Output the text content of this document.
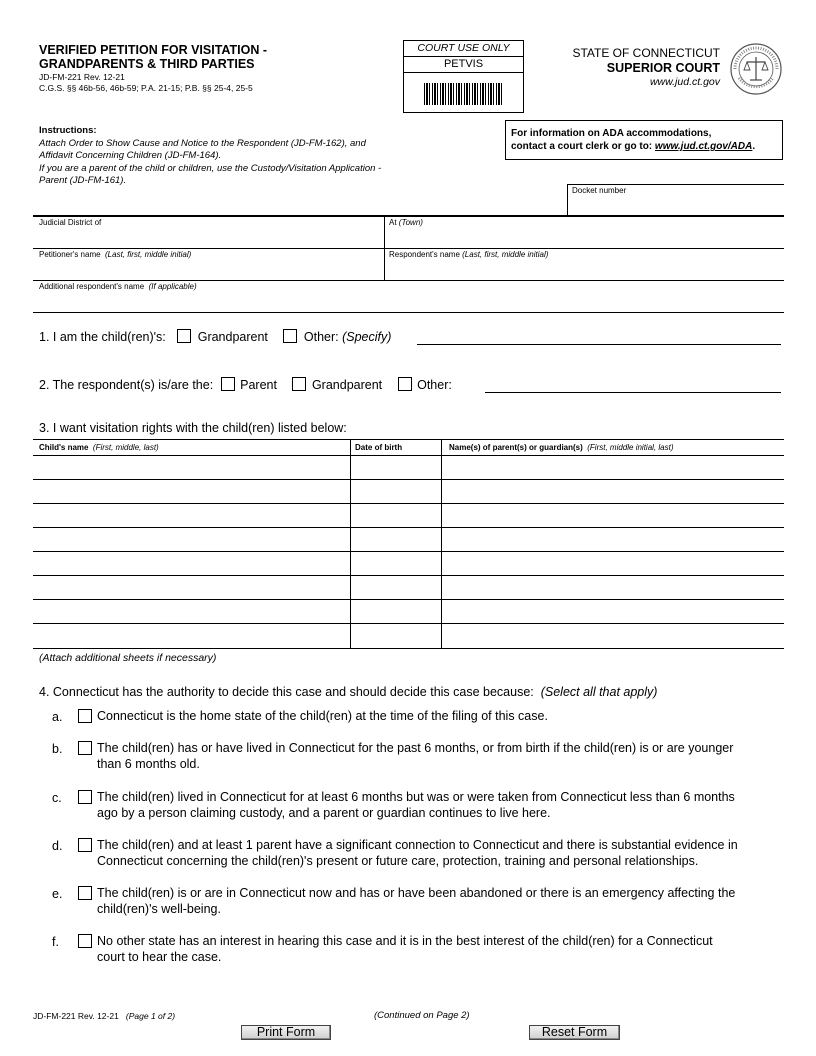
VERIFIED PETITION FOR VISITATION -
GRANDPARENTS & THIRD PARTIES
JD-FM-221 Rev. 12-21
C.G.S. §§ 46b-56, 46b-59; P.A. 21-15; P.B. §§ 25-4, 25-5
COURT USE ONLY
PETVIS
STATE OF CONNECTICUT
SUPERIOR COURT
www.jud.ct.gov
Instructions:
Attach Order to Show Cause and Notice to the Respondent (JD-FM-162), and
Affidavit Concerning Children (JD-FM-164).
If you are a parent of the child or children, use the Custody/Visitation Application -
Parent (JD-FM-161).
For information on ADA accommodations,
contact a court clerk or go to: www.jud.ct.gov/ADA.
Docket number
Judicial District of	At (Town)
Petitioner's name (Last, first, middle initial)	Respondent's name (Last, first, middle initial)
Additional respondent's name (If applicable)
1. I am the child(ren)'s:	Grandparent	Other: (Specify)
2. The respondent(s) is/are the: Parent	Grandparent	Other:
3. I want visitation rights with the child(ren) listed below:
Child's name (First, middle, last)	Date of birth	Name(s) of parent(s) or guardian(s) (First, middle initial, last)
(Attach additional sheets if necessary)
4. Connecticut has the authority to decide this case and should decide this case because: (Select all that apply)
a.	Connecticut is the home state of the child(ren) at the time of the filing of this case.
b.	The child(ren) has or have lived in Connecticut for the past 6 months, or from birth if the child(ren) is or are younger
than 6 months old.
c.	The child(ren) lived in Connecticut for at least 6 months but was or were taken from Connecticut less than 6 months
ago by a person claiming custody, and a parent or guardian continues to live here.
d.	The child(ren) and at least 1 parent have a significant connection to Connecticut and there is substantial evidence in
Connecticut concerning the child(ren)'s present or future care, protection, training and personal relationships.
e.	The child(ren) is or are in Connecticut now and has or have been abandoned or there is an emergency affecting the
child(ren)'s well-being.
f.	No other state has an interest in hearing this case and it is in the best interest of the child(ren) for a Connecticut
court to hear the case.
JD-FM-221 Rev. 12-21 (Page 1 of 2)	(Continued on Page 2)
Print Form	Reset Form
